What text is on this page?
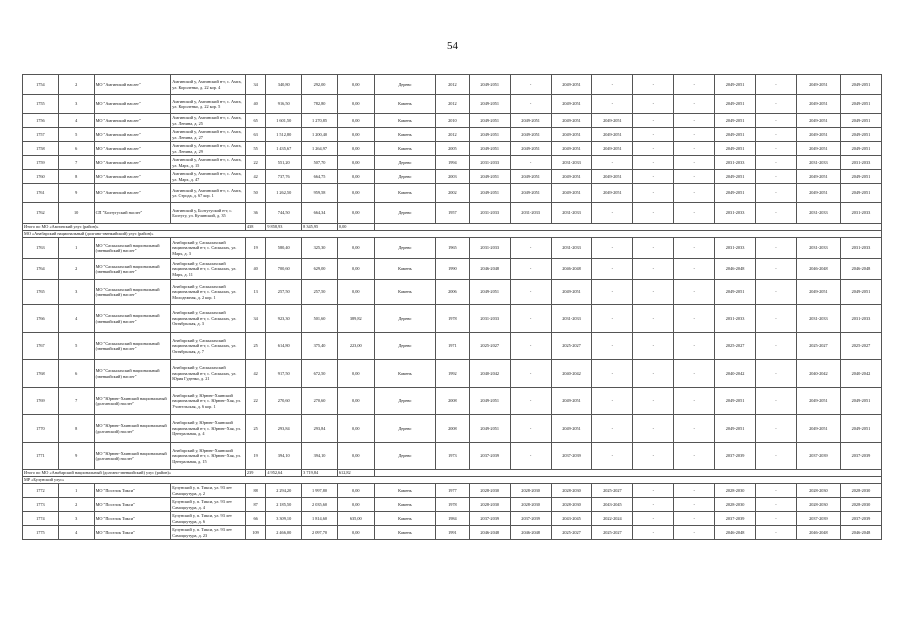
54
1754	2	МО "Амгинский наслег"	Амгинский у, Амгинский н-г, с. Амга, ул. Короленко, д. 22 кор. 4	34	340,80	292,00	0,00	Дерево	2012	2049-2051	-	2049-2051	-	-	-	2049-2051	-	2049-2051	2049-2051
1755	3	МО "Амгинский наслег"	Амгинский у, Амгинский н-г, с. Амга, ул. Короленко, д. 22 кор. 5	40	916,50	782,80	0,00	Камень	2012	2049-2051	-	2049-2051	-	-	-	2049-2051	-	2049-2051	2049-2051
1756	4	МО "Амгинский наслег"	Амгинский у, Амгинский н-г, с. Амга, ул. Ленина, д. 25	65	1 601,50	1 270,85	0,00	Камень	2010	2049-2051	2049-2051	2049-2051	2049-2051	-	-	2049-2051	-	2049-2051	2049-2051
1757	5	МО "Амгинский наслег"	Амгинский у, Амгинский н-г, с. Амга, ул. Ленина, д. 27	63	1 512,80	1 200,40	0,00	Камень	2012	2049-2051	2049-2051	2049-2051	2049-2051	-	-	2049-2051	-	2049-2051	2049-2051
1758	6	МО "Амгинский наслег"	Амгинский у, Амгинский н-г, с. Амга, ул. Ленина, д. 29	55	1 435,67	1 264,97	0,00	Камень	2005	2049-2051	2049-2051	2049-2051	2049-2051	-	-	2049-2051	-	2049-2051	2049-2051
1759	7	МО "Амгинский наслег"	Амгинский у, Амгинский н-г, с. Амга, ул. Марх, д. 15	22	551,20	507,70	0,00	Дерево	1994	2031-2033	-	2031-2033	-	-	-	2031-2033	-	2031-2033	2031-2033
1760	8	МО "Амгинский наслег"	Амгинский у, Амгинский н-г, с. Амга, ул. Марх, д. 47	42	737,76	664,75	0,00	Дерево	2003	2049-2051	2049-2051	2049-2051	2049-2051	-	-	2049-2051	-	2049-2051	2049-2051
1761	9	МО "Амгинский наслег"	Амгинский у, Амгинский н-г, с. Амга, ул. Строда, д. 67 кор. 1	50	1 262,50	959,58	0,00	Камень	2002	2049-2051	2049-2051	2049-2051	2049-2051	-	-	2049-2051	-	2049-2051	2049-2051
1762	10	СП "Болтугуский наслег"	Амгинский у, Болтугуский н-г, с. Болтугу, ул. Кучинский, д. 35	36	744,50	664,34	0,00	Дерево	1957	2031-2033	2031-2033	2031-2033	-	-	-	2031-2033	-	2031-2033	2031-2033
Итого по МО «Амгинский улус (район)»				438	9 858,93	8 345,95	0,00												
МО «Анабарский национальный (долгано-эвенкийский) улус (район)»																			
1763	1	МО "Саскылахский национальный (эвенкийский) наслег"	Анабарский у, Саскылахский национальный н-г, с. Саскылах, ул. Марх, д. 3	19	580,40	325,30	0,00	Дерево	1965	2031-2033	-	2031-2033	-	-	-	2031-2033	-	2031-2033	2031-2033
1764	2	МО "Саскылахский национальный (эвенкийский) наслег"	Анабарский у, Саскылахский национальный н-г, с. Саскылах, ул. Марх, д. 11	40	700,60	629,00	0,00	Камень	1990	2046-2048	-	2046-2048	-	-	-	2046-2048	-	2046-2048	2046-2048
1765	3	МО "Саскылахский национальный (эвенкийский) наслег"	Анабарский у, Саскылахский национальный н-г, с. Саскылах, ул. Молодежная, д. 2 кор. 1	13	257,50	257,50	0,00	Камень	2006	2049-2051	-	2049-2051	-	-	-	2049-2051	-	2049-2051	2049-2051
1766	4	МО "Саскылахский национальный (эвенкийский) наслег"	Анабарский у, Саскылахский национальный н-г, с. Саскылах, ул. Октябрьская, д. 3	34	923,30	501,60	389,82	Дерево	1978	2031-2033	-	2031-2033	-	-	-	2031-2033	-	2031-2033	2031-2033
1767	5	МО "Саскылахский национальный (эвенкийский) наслег"	Анабарский у, Саскылахский национальный н-г, с. Саскылах, ул. Октябрьская, д. 7	25	614,80	375,40	223,00	Дерево	1971	2025-2027	-	2025-2027	-	-	-	2025-2027	-	2025-2027	2025-2027
1768	6	МО "Саскылахский национальный (эвенкийский) наслег"	Анабарский у, Саскылахский национальный н-г, с. Саскылах, ул. Юрия Гуденко, д. 21	42	917,50	672,50	0,00	Камень	1992	2040-2042	-	2040-2042	-	-	-	2040-2042	-	2040-2042	2040-2042
1769	7	МО "Юрюнг-Хаинский национальный (долганский) наслег"	Анабарский у, Юрюнг-Хаинский национальный н-г, с. Юрюнг-Хая, ул. Учительская, д. 6 кор. 1	22	270,60	270,60	0,00	Дерево	2008	2049-2051	-	2049-2051	-	-	-	2049-2051	-	2049-2051	2049-2051
1770	8	МО "Юрюнг-Хаинский национальный (долганский) наслег"	Анабарский у, Юрюнг-Хаинский национальный н-г, с. Юрюнг-Хая, ул. Центральная, д. 4	25	293,84	293,84	0,00	Дерево	2008	2049-2051	-	2049-2051	-	-	-	2049-2051	-	2049-2051	2049-2051
1771	9	МО "Юрюнг-Хаинский национальный (долганский) наслег"	Анабарский у, Юрюнг-Хаинский национальный н-г, с. Юрюнг-Хая, ул. Центральная, д. 15	19	394,10	394,10	0,00	Дерево	1973	2037-2039	-	2037-2039	-	-	-	2037-2039	-	2037-2039	2037-2039
Итого по МО «Анабарский национальный (долгано-эвенкийский) улус (район)»				239	4 952,64	3 719,84	612,82												
МР «Булунский улус»																			
1772	1	МО "Поселок Тикси"	Булунский у, п. Тикси, ул. 93 лет Самоцкутура, д. 2	88	2 294,20	1 997,80	0,00	Камень	1977	2028-2030	2028-2030	2028-2030	2025-2027	-	-	2028-2030	-	2028-2030	2028-2030
1773	2	МО "Поселок Тикси"	Булунский у, п. Тикси, ул. 93 лет Самоцкутура, д. 4	87	2 185,50	2 035,60	0,00	Камень	1978	2028-2030	2028-2030	2028-2030	2043-2045	-	-	2028-2030	-	2028-2030	2028-2030
1774	3	МО "Поселок Тикси"	Булунский у, п. Тикси, ул. 93 лет Самоцкутура, д. 6	66	3 309,10	1 814,60	635,00	Камень	1984	2037-2039	2037-2039	2043-2045	2022-2024	-	-	2037-2039	-	2037-2039	2037-2039
1775	4	МО "Поселок Тикси"	Булунский у, п. Тикси, ул. 93 лет Самоцкутура, д. 23	109	2 466,00	2 097,70	0,00	Камень	1991	2046-2048	2046-2048	2025-2027	2025-2027	-	-	2046-2048	-	2046-2048	2046-2048
